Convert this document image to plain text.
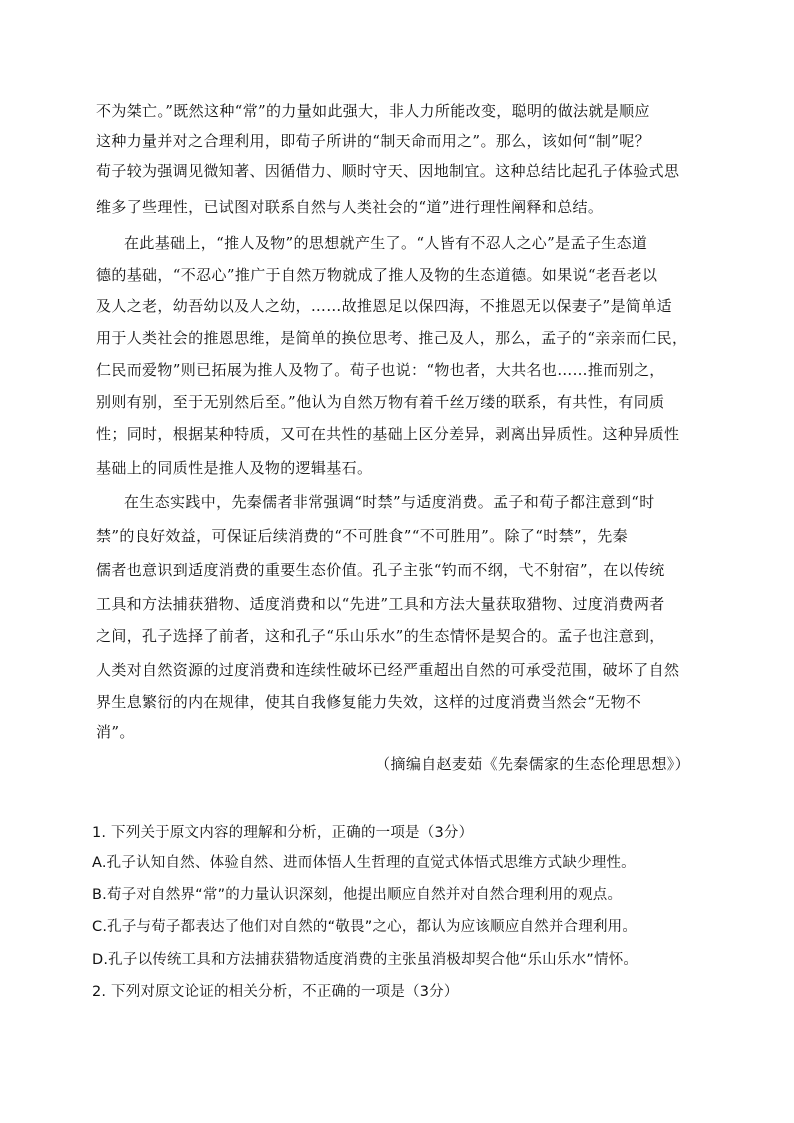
不为桀亡。”既然这种“常”的力量如此强大，非人力所能改变，聪明的做法就是顺应
这种力量并对之合理利用，即荀子所讲的“制天命而用之”。那么，该如何“制”呢？
荀子较为强调见微知著、因循借力、顺时守天、因地制宜。这种总结比起孔子体验式思
维多了些理性，已试图对联系自然与人类社会的“道”进行理性阐释和总结。
在此基础上，“推人及物”的思想就产生了。“人皆有不忍人之心”是孟子生态道
德的基础，“不忍心”推广于自然万物就成了推人及物的生态道德。如果说“老吾老以
及人之老，幼吾幼以及人之幼，……故推恩足以保四海，不推恩无以保妻子”是简单适
用于人类社会的推恩思维，是简单的换位思考、推己及人，那么，孟子的“亲亲而仁民，
仁民而爱物”则已拓展为推人及物了。荀子也说：“物也者，大共名也……推而别之，
别则有别，至于无别然后至。”他认为自然万物有着千丝万缕的联系，有共性，有同质
性；同时，根据某种特质，又可在共性的基础上区分差异，剥离出异质性。这种异质性
基础上的同质性是推人及物的逻辑基石。
在生态实践中，先秦儒者非常强调“时禁”与适度消费。孟子和荀子都注意到“时
禁”的良好效益，可保证后续消费的“不可胜食”“不可胜用”。除了“时禁”，先秦
儒者也意识到适度消费的重要生态价值。孔子主张“钓而不纲，弋不射宿”，在以传统
工具和方法捕获猎物、适度消费和以“先进”工具和方法大量获取猎物、过度消费两者
之间，孔子选择了前者，这和孔子“乐山乐水”的生态情怀是契合的。孟子也注意到，
人类对自然资源的过度消费和连续性破坏已经严重超出自然的可承受范围，破坏了自然
界生息繁衍的内在规律，使其自我修复能力失效，这样的过度消费当然会“无物不
消”。
（摘编自赵麦茹《先秦儒家的生态伦理思想》）
1. 下列关于原文内容的理解和分析，正确的一项是（3分）
A.孔子认知自然、体验自然、进而体悟人生哲理的直觉式体悟式思维方式缺少理性。
B.荀子对自然界“常”的力量认识深刻，他提出顺应自然并对自然合理利用的观点。
C.孔子与荀子都表达了他们对自然的“敬畏”之心，都认为应该顺应自然并合理利用。
D.孔子以传统工具和方法捕获猎物适度消费的主张虽消极却契合他“乐山乐水”情怀。
2. 下列对原文论证的相关分析，不正确的一项是（3分）
